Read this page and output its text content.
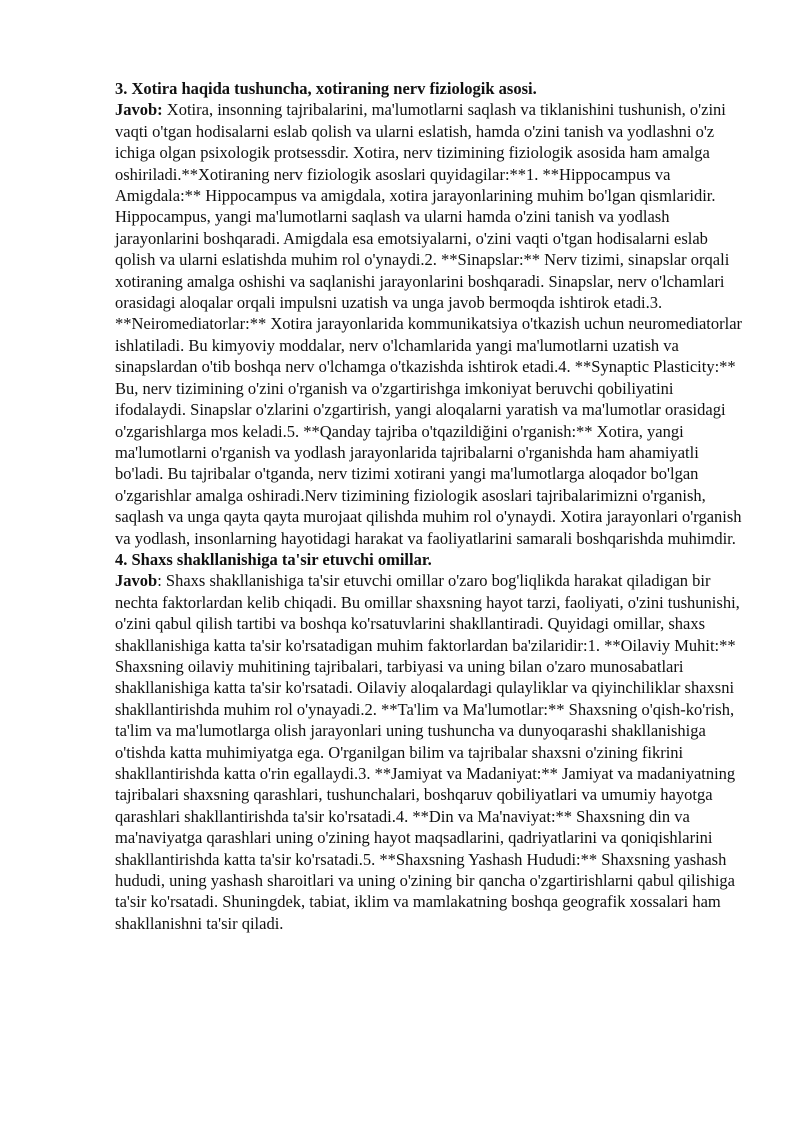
3. Xotira haqida tushuncha, xotiraning nerv fiziologik asosi.

Javob: Xotira, insonning tajribalarini, ma'lumotlarni saqlash va tiklanishini tushunish, o'zini vaqti o'tgan hodisalarni eslab qolish va ularni eslatish, hamda o'zini tanish va yodlashni o'z ichiga olgan psixologik protsessdir. Xotira, nerv tizimining fiziologik asosida ham amalga oshiriladi.**Xotiraning nerv fiziologik asoslari quyidagilar:**1. **Hippocampus va Amigdala:** Hippocampus va amigdala, xotira jarayonlarining muhim bo'lgan qismlaridir. Hippocampus, yangi ma'lumotlarni saqlash va ularni hamda o'zini tanish va yodlash jarayonlarini boshqaradi. Amigdala esa emotsiyalarni, o'zini vaqti o'tgan hodisalarni eslab qolish va ularni eslatishda muhim rol o'ynaydi.2. **Sinapslar:** Nerv tizimi, sinapslar orqali xotiraning amalga oshishi va saqlanishi jarayonlarini boshqaradi. Sinapslar, nerv o'lchamlari orasidagi aloqalar orqali impulsni uzatish va unga javob bermoqda ishtirok etadi.3. **Neiromediatorlar:** Xotira jarayonlarida kommunikatsiya o'tkazish uchun neuromediatorlar ishlatiladi. Bu kimyoviy moddalar, nerv o'lchamlarida yangi ma'lumotlarni uzatish va sinapslardan o'tib boshqa nerv o'lchamga o'tkazishda ishtirok etadi.4. **Synaptic Plasticity:** Bu, nerv tizimining o'zini o'rganish va o'zgartirishga imkoniyat beruvchi qobiliyatini ifodalaydi. Sinapslar o'zlarini o'zgartirish, yangi aloqalarni yaratish va ma'lumotlar orasidagi o'zgarishlarga mos keladi.5. **Qanday tajriba o'tqazildiğini o'rganish:** Xotira, yangi ma'lumotlarni o'rganish va yodlash jarayonlarida tajribalarni o'rganishda ham ahamiyatli bo'ladi. Bu tajribalar o'tganda, nerv tizimi xotirani yangi ma'lumotlarga aloqador bo'lgan o'zgarishlar amalga oshiradi.Nerv tizimining fiziologik asoslari tajribalarimizni o'rganish, saqlash va unga qayta qayta murojaat qilishda muhim rol o'ynaydi. Xotira jarayonlari o'rganish va yodlash, insonlarning hayotidagi harakat va faoliyatlarini samarali boshqarishda muhimdir.

4. Shaxs shakllanishiga ta'sir etuvchi omillar.

Javob: Shaxs shakllanishiga ta'sir etuvchi omillar o'zaro bog'liqlikda harakat qiladigan bir nechta faktorlardan kelib chiqadi. Bu omillar shaxsning hayot tarzi, faoliyati, o'zini tushunishi, o'zini qabul qilish tartibi va boshqa ko'rsatuvlarini shakllantiradi. Quyidagi omillar, shaxs shakllanishiga katta ta'sir ko'rsatadigan muhim faktorlardan ba'zilaridir:1. **Oilaviy Muhit:** Shaxsning oilaviy muhitining tajribalari, tarbiyasi va uning bilan o'zaro munosabatlari shakllanishiga katta ta'sir ko'rsatadi. Oilaviy aloqalardagi qulayliklar va qiyinchiliklar shaxsni shakllantirishda muhim rol o'ynayadi.2. **Ta'lim va Ma'lumotlar:** Shaxsning o'qish-ko'rish, ta'lim va ma'lumotlarga olish jarayonlari uning tushuncha va dunyoqarashi shakllanishiga o'tishda katta muhimiyatga ega. O'rganilgan bilim va tajribalar shaxsni o'zining fikrini shakllantirishda katta o'rin egallaydi.3. **Jamiyat va Madaniyat:** Jamiyat va madaniyatning tajribalari shaxsning qarashlari, tushunchalari, boshqaruv qobiliyatlari va umumiy hayotga qarashlari shakllantirishda ta'sir ko'rsatadi.4. **Din va Ma'naviyat:** Shaxsning din va ma'naviyatga qarashlari uning o'zining hayot maqsadlarini, qadriyatlarini va qoniqishlarini shakllantirishda katta ta'sir ko'rsatadi.5. **Shaxsning Yashash Hududi:** Shaxsning yashash hududi, uning yashash sharoitlari va uning o'zining bir qancha o'zgartirishlarni qabul qilishiga ta'sir ko'rsatadi. Shuningdek, tabiat, iklim va mamlakatning boshqa geografik xossalari ham shakllanishni ta'sir qiladi.
